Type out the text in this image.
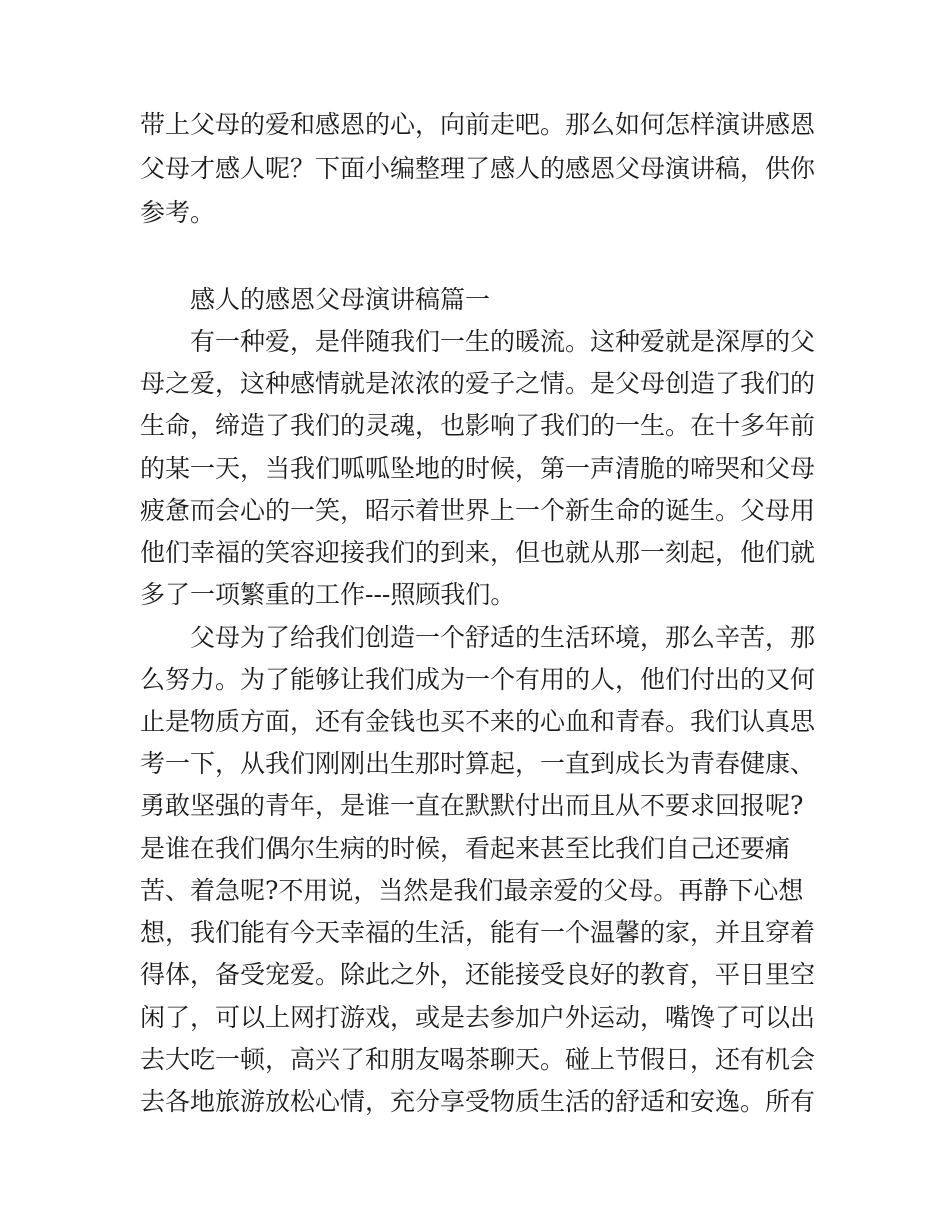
带上父母的爱和感恩的心，向前走吧。那么如何怎样演讲感恩
父母才感人呢？下面小编整理了感人的感恩父母演讲稿，供你
参考。
感人的感恩父母演讲稿篇一
有一种爱，是伴随我们一生的暖流。这种爱就是深厚的父
母之爱，这种感情就是浓浓的爱子之情。是父母创造了我们的
生命，缔造了我们的灵魂，也影响了我们的一生。在十多年前
的某一天，当我们呱呱坠地的时候，第一声清脆的啼哭和父母
疲惫而会心的一笑，昭示着世界上一个新生命的诞生。父母用
他们幸福的笑容迎接我们的到来，但也就从那一刻起，他们就
多了一项繁重的工作---照顾我们。
父母为了给我们创造一个舒适的生活环境，那么辛苦，那
么努力。为了能够让我们成为一个有用的人，他们付出的又何
止是物质方面，还有金钱也买不来的心血和青春。我们认真思
考一下，从我们刚刚出生那时算起，一直到成长为青春健康、
勇敢坚强的青年，是谁一直在默默付出而且从不要求回报呢?
是谁在我们偶尔生病的时候，看起来甚至比我们自己还要痛
苦、着急呢?不用说，当然是我们最亲爱的父母。再静下心想
想，我们能有今天幸福的生活，能有一个温馨的家，并且穿着
得体，备受宠爱。除此之外，还能接受良好的教育，平日里空
闲了，可以上网打游戏，或是去参加户外运动，嘴馋了可以出
去大吃一顿，高兴了和朋友喝茶聊天。碰上节假日，还有机会
去各地旅游放松心情，充分享受物质生活的舒适和安逸。所有
